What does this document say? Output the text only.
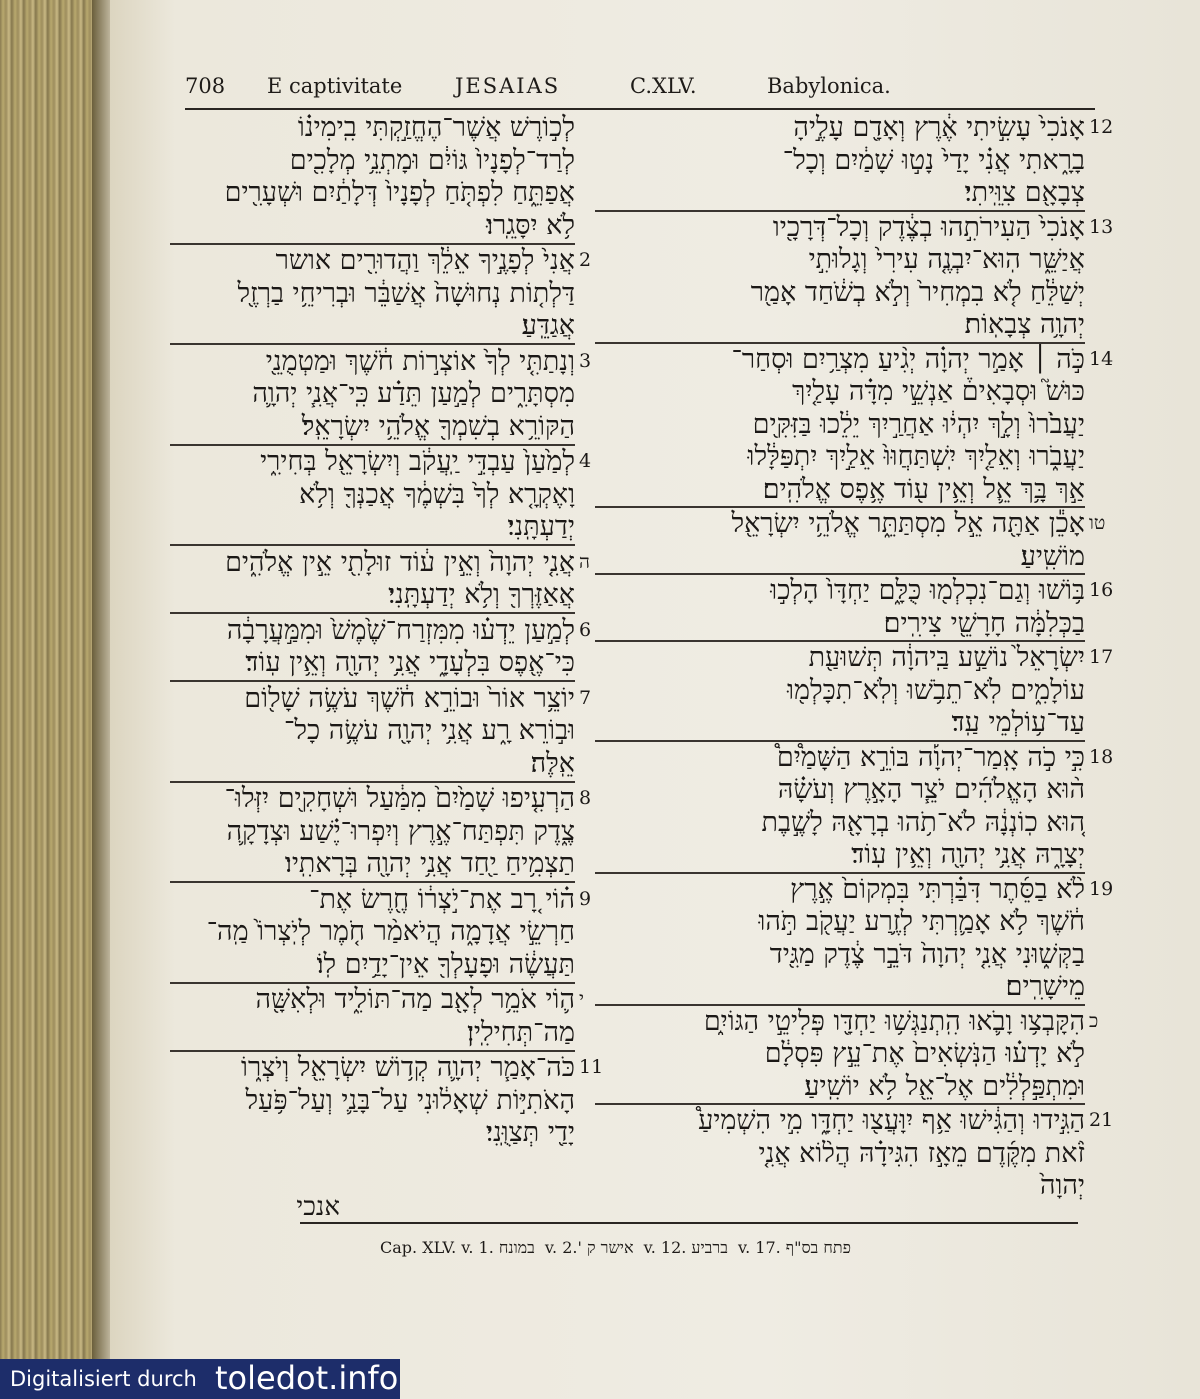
708 E captivitate	JESAIAS	C.XLV.	Babylonica.
לְכ֣וֹרֶשׁ אֲשֶׁר־הֶחֱזַ֣קְתִּי בִֽימִינ֗וֹ
לְרַד־לְפָנָיו֙ גּוֹיִ֔ם וּמָתְנֵ֥י מְלָכִ֖ים
אֲפַתֵּ֑חַ לִפְתֹּ֤חַ לְפָנָיו֙ דְּלָתַ֔יִם וּשְׁעָרִ֖ים
לֹ֥א יִסָּגֵֽרוּ׃
2
אֲנִי֙ לְפָנֶ֣יךָ אֵלֵ֔ךְ וַהֲדוּרִ֖ים אושר
דַּלְת֤וֹת נְחוּשָׁה֙ אֲשַׁבֵּ֔ר וּבְרִיחֵ֥י בַרְזֶ֖ל
אֲגַדֵּֽעַ׃
3
וְנָתַתִּ֤י לְךָ֙ אוֹצְר֣וֹת חֹ֔שֶׁךְ וּמַטְמֻנֵ֖י
מִסְתָּרִ֑ים לְמַ֣עַן תֵּדַ֗ע כִּֽי־אֲנִ֧י יְהוָ֛ה
הַקּוֹרֵ֥א בְשִׁמְךָ֖ אֱלֹהֵ֥י יִשְׂרָאֵֽל׃
4
לְמַ֙עַן֙ עַבְדִּ֣י יַֽעֲקֹ֔ב וְיִשְׂרָאֵ֖ל בְּחִירִ֑י
וָאֶקְרָ֤א לְךָ֙ בִּשְׁמֶ֔ךָ אֲכַנְּךָ֖ וְלֹ֥א
יְדַעְתָּֽנִי׃
ה
אֲנִ֤י יְהוָה֙ וְאֵ֣ין ע֔וֹד זוּלָתִ֖י אֵ֣ין אֱלֹהִ֑ים
אֲאַזֶּרְךָ֖ וְלֹ֥א יְדַעְתָּֽנִי׃
6
לְמַ֣עַן יֵדְע֗וּ מִמִּזְרַח־שֶׁ֙מֶשׁ֙ וּמִמַּ֣עֲרָבָ֔ה
כִּי־אֶ֖פֶס בִּלְעָדָ֑י אֲנִ֥י יְהוָ֖ה וְאֵ֥ין עֽוֹד׃
7
יוֹצֵ֥ר אוֹר֙ וּבוֹרֵ֣א חֹ֔שֶׁךְ עֹשֶׂ֥ה שָׁל֖וֹם
וּב֣וֹרֵא רָ֑ע אֲנִ֥י יְהוָ֖ה עֹשֶׂ֥ה כָל־
אֵֽלֶּה׃
8
הַרְעִ֤יפוּ שָׁמַ֙יִם֙ מִמַּ֔עַל וּשְׁחָקִ֖ים יִזְּלוּ־
צֶ֑דֶק תִּפְתַּח־אֶ֣רֶץ וְיִפְרוּ־יֶ֗שַׁע וּצְדָקָ֛ה
תַצְמִ֥יחַ יַ֖חַד אֲנִ֥י יְהוָ֖ה בְּרָאתִֽיו׃
9
ה֗וֹי רָ֚ב אֶת־יֹ֣צְר֔וֹ חֶ֖רֶשׂ אֶת־
חַרְשֵׂ֣י אֲדָמָ֑ה הֲיֹאמַ֨ר חֹ֤מֶר לְיֹֽצְרוֹ֙ מַֽה־
תַּעֲשֶׂ֔ה וּפָעָלְךָ֖ אֵין־יָדַ֥יִם לֽוֹ׃
י
ה֛וֹי אֹמֵ֥ר לְאָ֖ב מַה־תּוֹלִ֑יד וּלְאִשָּׁ֖ה
מַה־תְּחִילִֽין׃
11
כֹּה־אָמַ֧ר יְהוָ֛ה קְד֥וֹשׁ יִשְׂרָאֵ֖ל וְיֹצְר֑וֹ
הָאֹתִיּ֣וֹת שְׁאָל֔וּנִי עַל־בָּנַ֛י וְעַל־פֹּ֥עַל
יָדַ֖י תְּצַוֻּֽנִי׃
12
אָנֹכִי֙ עָשִׂ֣יתִי אֶ֔רֶץ וְאָדָ֖ם עָלֶ֣יהָ
בָרָ֑אתִי אֲנִ֗י יָדַי֙ נָט֣וּ שָׁמַ֔יִם וְכָל־
צְבָאָ֖ם צִוֵּֽיתִי׃
13
אָנֹכִי֙ הַעִירֹתִ֣הוּ בְצֶ֔דֶק וְכָל־דְּרָכָ֖יו
אֲיַשֵּׁ֑ר הֽוּא־יִבְנֶ֤ה עִירִי֙ וְגָלוּתִ֣י
יְשַׁלֵּ֔חַ לֹ֤א בִמְחִיר֙ וְלֹ֣א בְשֹׁ֔חַד אָמַ֖ר
יְהוָ֥ה צְבָאֽוֹת׃
14
כֹּ֣ה ׀ אָמַ֣ר יְהוָ֗ה יְגִ֨יעַ מִצְרַ֥יִם וּסְחַר־
כּוּשׁ֮ וּסְבָאִים֒ אַנְשֵׁ֣י מִדָּ֗ה עָלַ֤יִךְ
יַעֲבֹ֙רוּ֙ וְלָ֣ךְ יִהְי֔וּ אַחֲרַ֣יִךְ יֵלֵ֔כוּ בַּזִּקִּ֖ים
יַעֲבֹ֑רוּ וְאֵלַ֤יִךְ יִֽשְׁתַּחֲוּוּ֙ אֵלַ֣יִךְ יִתְפַּלָּ֔לוּ
אַ֣ךְ בָּ֥ךְ אֵ֛ל וְאֵ֥ין ע֖וֹד אֶ֥פֶס אֱלֹהִֽים׃
טו
אָכֵ֕ן אַתָּ֖ה אֵ֣ל מִסְתַּתֵּ֑ר אֱלֹהֵ֥י יִשְׂרָאֵ֖ל
מוֹשִֽׁיעַ׃
16
בּ֥וֹשׁוּ וְגַם־נִכְלְמ֖וּ כֻּלָּ֑ם יַחְדָּו֙ הָלְכ֣וּ
בַכְּלִמָּ֔ה חָרָשֵׁ֖י צִירִֽים׃
17
יִשְׂרָאֵל֙ נוֹשַׁ֣ע בַּֽיהוָ֔ה תְּשׁוּעַ֖ת
עוֹלָמִ֑ים לֹֽא־תֵבֹ֥שׁוּ וְלֹֽא־תִכָּלְמ֖וּ
עַד־ע֥וֹלְמֵי עַֽד׃
18
כִּ֣י כֹ֣ה אָֽמַר־יְהוָ֡ה בּוֹרֵ֣א הַשָּׁמַ֩יִם֩
ה֨וּא הָאֱלֹהִ֜ים יֹצֵ֧ר הָאָ֣רֶץ וְעֹשָׂ֗הּ
ה֚וּא כֽוֹנְנָ֔הּ לֹא־תֹ֥הוּ בְרָאָ֖הּ לָשֶׁ֣בֶת
יְצָרָ֑הּ אֲנִ֥י יְהוָ֖ה וְאֵ֥ין עֽוֹד׃
19
לֹ֨א בַסֵּ֜תֶר דִּבַּ֗רְתִּי בִּמְקוֹם֙ אֶ֣רֶץ
חֹ֔שֶׁךְ לֹ֥א אָמַ֛רְתִּי לְזֶ֥רַע יַעֲקֹ֖ב תֹּ֣הוּ
בַקְּשׁ֑וּנִי אֲנִ֤י יְהוָה֙ דֹּבֵ֣ר צֶ֔דֶק מַגִּ֖יד
מֵישָׁרִֽים׃
כ
הִקָּבְצ֥וּ וָבֹ֛אוּ הִֽתְנַגְּשׁ֥וּ יַחְדָּ֖ו פְּלִיטֵ֣י הַגּוֹיִ֑ם
לֹ֣א יָדְע֗וּ הַנֹּֽשְׂאִים֙ אֶת־עֵ֣ץ פִּסְלָ֔ם
וּמִתְפַּ֣לְלִ֔ים אֶל־אֵ֖ל לֹ֥א יוֹשִֽׁיעַ׃
21
הַגִּ֣ידוּ וְהַגִּ֔ישׁוּ אַ֥ף יִוָּעֲצ֖וּ יַחְדָּ֑ו מִ֣י הִשְׁמִיעַ֩
זֹ֨את מִקֶּ֜דֶם מֵאָ֣ז הִגִּידָ֗הּ הֲל֨וֹא אֲנִ֤י
יְהוָה֙
אנכי
Cap. XLV. v. 1. במונח v. 2.' אישר ק v. 12. ברביע v. 17. פתח בס"ף
Digitalisiert durch toledot.info
